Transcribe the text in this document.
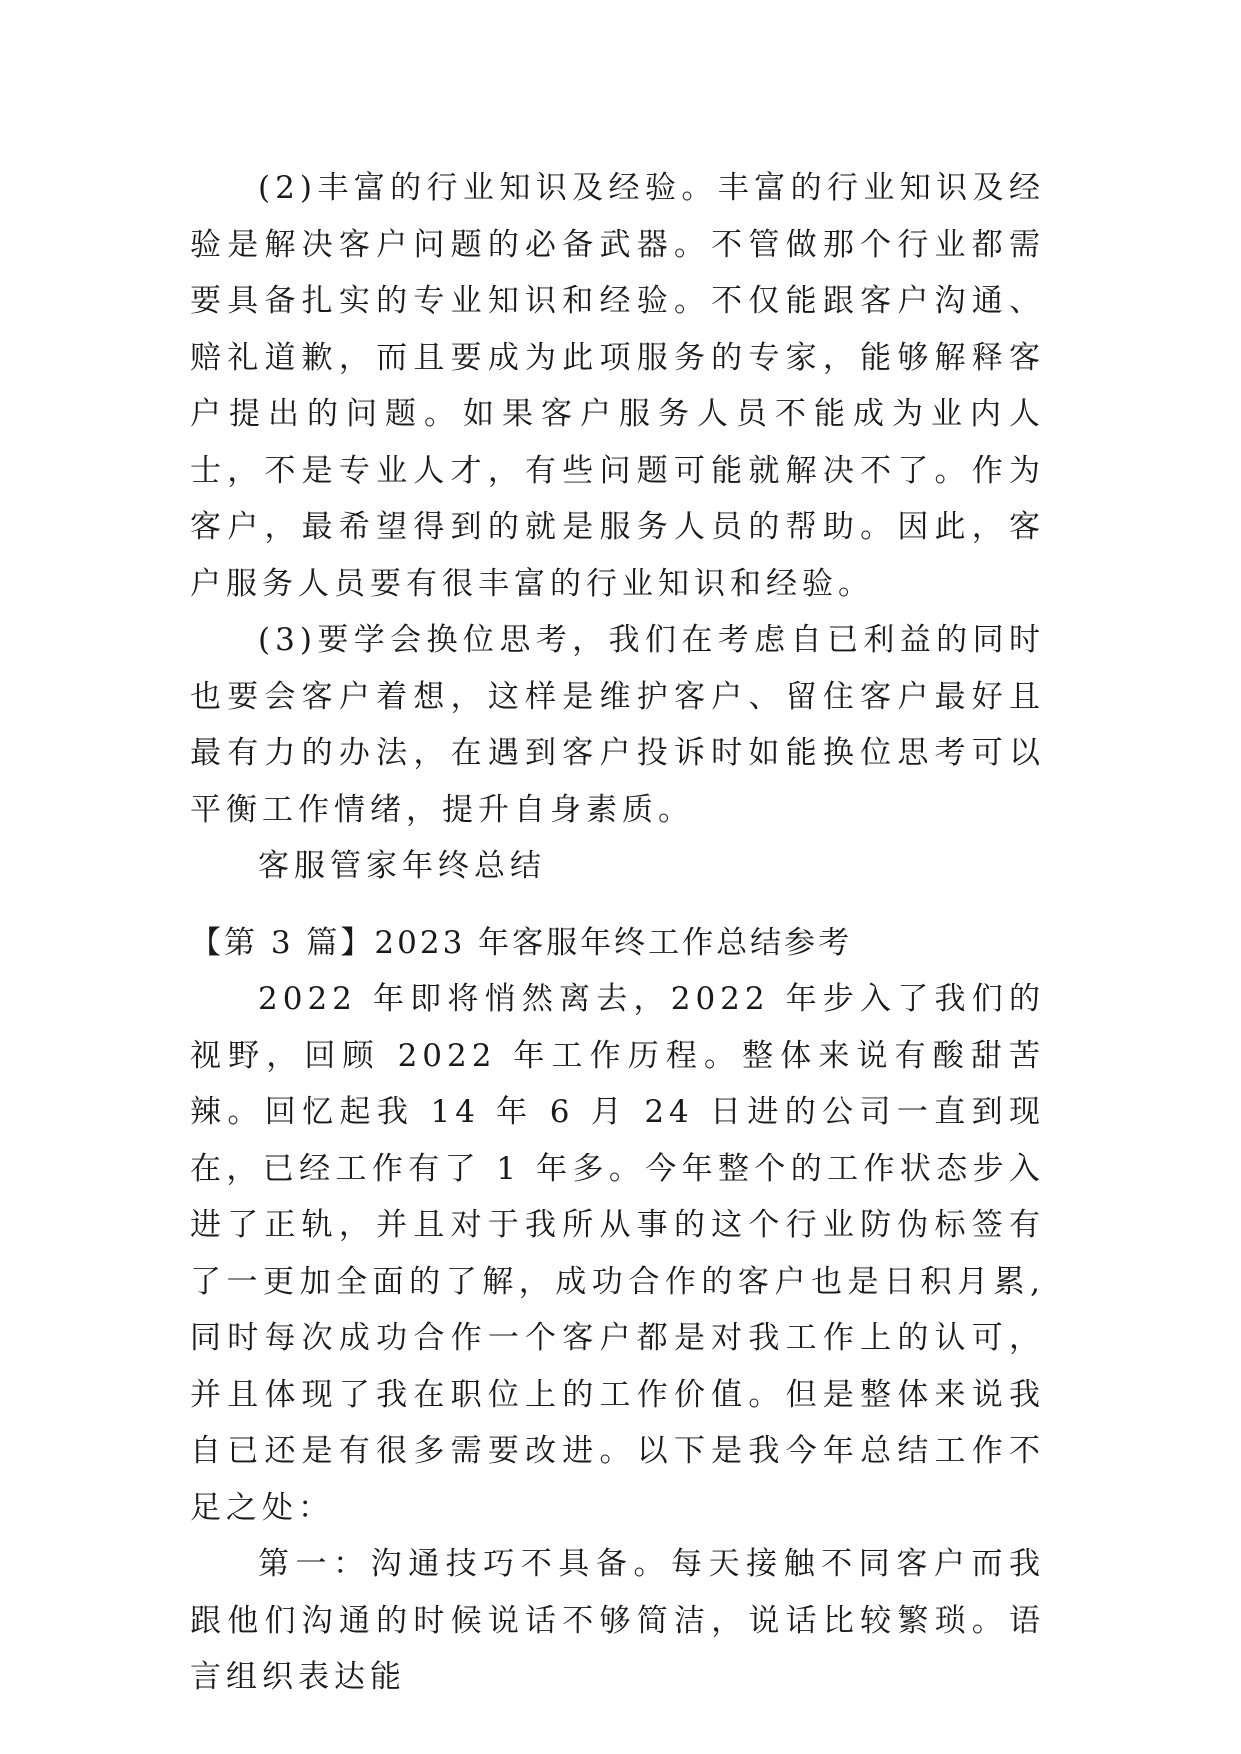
(2)丰富的行业知识及经验。丰富的行业知识及经验是解决客户问题的必备武器。不管做那个行业都需要具备扎实的专业知识和经验。不仅能跟客户沟通、赔礼道歉，而且要成为此项服务的专家，能够解释客户提出的问题。如果客户服务人员不能成为业内人士，不是专业人才，有些问题可能就解决不了。作为客户，最希望得到的就是服务人员的帮助。因此，客户服务人员要有很丰富的行业知识和经验。

(3)要学会换位思考，我们在考虑自已利益的同时也要会客户着想，这样是维护客户、留住客户最好且最有力的办法，在遇到客户投诉时如能换位思考可以平衡工作情绪，提升自身素质。

客服管家年终总结

【第 3 篇】2023 年客服年终工作总结参考

2022 年即将悄然离去，2022 年步入了我们的视野，回顾 2022 年工作历程。整体来说有酸甜苦辣。回忆起我 14 年 6 月 24 日进的公司一直到现在，已经工作有了 1 年多。今年整个的工作状态步入进了正轨，并且对于我所从事的这个行业防伪标签有了一更加全面的了解，成功合作的客户也是日积月累,同时每次成功合作一个客户都是对我工作上的认可，并且体现了我在职位上的工作价值。但是整体来说我自已还是有很多需要改进。以下是我今年总结工作不足之处：

第一：沟通技巧不具备。每天接触不同客户而我跟他们沟通的时候说话不够简洁，说话比较繁琐。语言组织表达能
